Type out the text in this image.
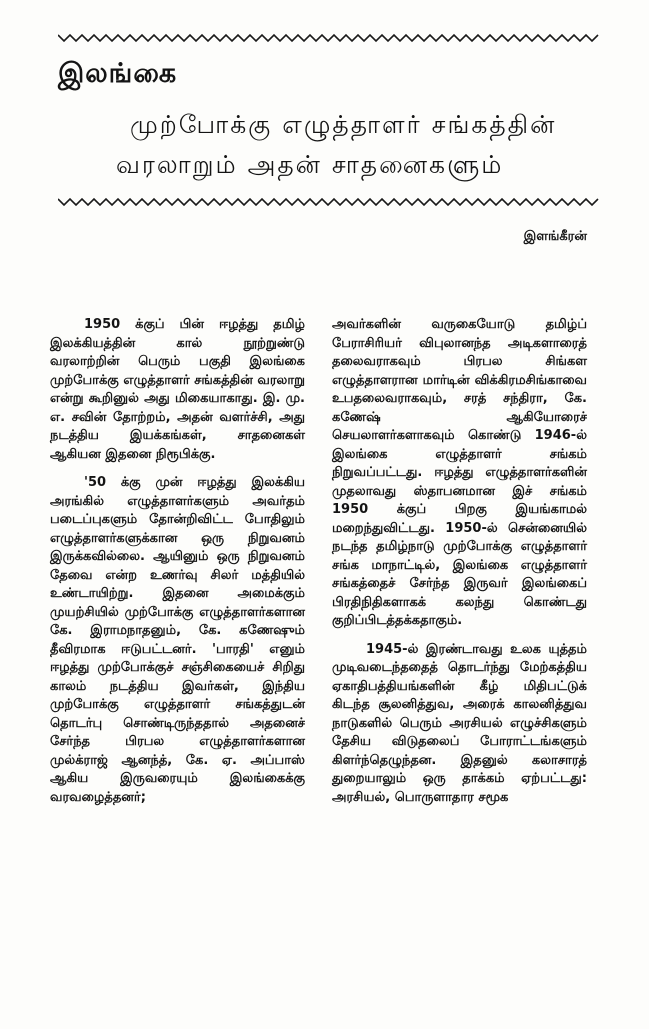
இலங்கை
முற்போக்கு எழுத்தாளர் சங்கத்தின்
வரலாறும் அதன் சாதனைகளும்
இளங்கீரன்

1950 க்குப் பின் ஈழத்து தமிழ் இலக்கியத்தின் கால் நூற்றுண்டு வரலாற்றின் பெரும் பகுதி இலங்கை முற்போக்கு எழுத்தாளர் சங்கத்தின் வரலாறு என்று கூறினுல் அது மிகையாகாது. இ. மு. எ. சவின் தோற்றம், அதன் வளர்ச்சி, அது நடத்திய இயக்கங்கள், சாதனைகள் ஆகியன இதனை நிரூபிக்கு.

'50 க்கு முன் ஈழத்து இலக்கிய அரங்கில் எழுத்தாளர்களும் அவர்தம் படைப்புகளும் தோன்றிவிட்ட போதிலும் எழுத்தாளர்களுக்கான ஒரு நிறுவனம் இருக்கவில்லை. ஆயினும் ஒரு நிறுவனம் தேவை என்ற உணர்வு சிலர் மத்தியில் உண்டாயிற்று. இதனை அமைக்கும் முயற்சியில் முற்போக்கு எழுத்தாளர்களான கே. இராமநாதனும், கே. கணேஷும் தீவிரமாக ஈடுபட்டனர். 'பாரதி' எனும் ஈழத்து முற்போக்குச் சஞ்சிகையைச் சிறிது காலம் நடத்திய இவர்கள், இந்திய முற்போக்கு எழுத்தாளர் சங்கத்துடன் தொடர்பு சொண்டிருந்ததால் அதனைச் சேர்ந்த பிரபல எழுத்தாளர்களான முல்க்ராஜ் ஆனந்த், கே. ஏ. அப்பாஸ் ஆகிய இருவரையும் இலங்கைக்கு வரவழைத்தனர்;

அவர்களின் வருகையோடு தமிழ்ப் பேராசிரியர் விபுலானந்த அடிகளாரைத் தலைவராகவும் பிரபல சிங்கள எழுத்தாளரான மார்டின் விக்கிரமசிங்காவை உபதலைவராகவும், சரத் சந்திரா, கே. கணேஷ் ஆகியோரைச் செயலாளர்களாகவும் கொண்டு 1946-ல் இலங்கை எழுத்தாளர் சங்கம் நிறுவப்பட்டது. ஈழத்து எழுத்தாளர்களின் முதலாவது ஸ்தாபனமான இச் சங்கம் 1950 க்குப் பிறகு இயங்காமல் மறைந்துவிட்டது. 1950-ல் சென்னையில் நடந்த தமிழ்நாடு முற்போக்கு எழுத்தாளர் சங்க மாநாட்டில், இலங்கை எழுத்தாளர் சங்கத்தைச் சேர்ந்த இருவர் இலங்கைப் பிரதிநிதிகளாகக் கலந்து கொண்டது குறிப்பிடத்தக்கதாகும்.

1945-ல் இரண்டாவது உலக யுத்தம் முடிவடைந்ததைத் தொடர்ந்து மேற்கத்திய ஏகாதிபத்தியங்களின் கீழ் மிதிபட்டுக் கிடந்த சூலனித்துவ, அரைக் காலனித்துவ நாடுகளில் பெரும் அரசியல் எழுச்சிகளும் தேசிய விடுதலைப் போராட்டங்களும் கிளர்ந்தெழுந்தன. இதனுல் கலாசாரத் துறையாலும் ஒரு தாக்கம் ஏற்பட்டது: அரசியல், பொருளாதார சமூக
